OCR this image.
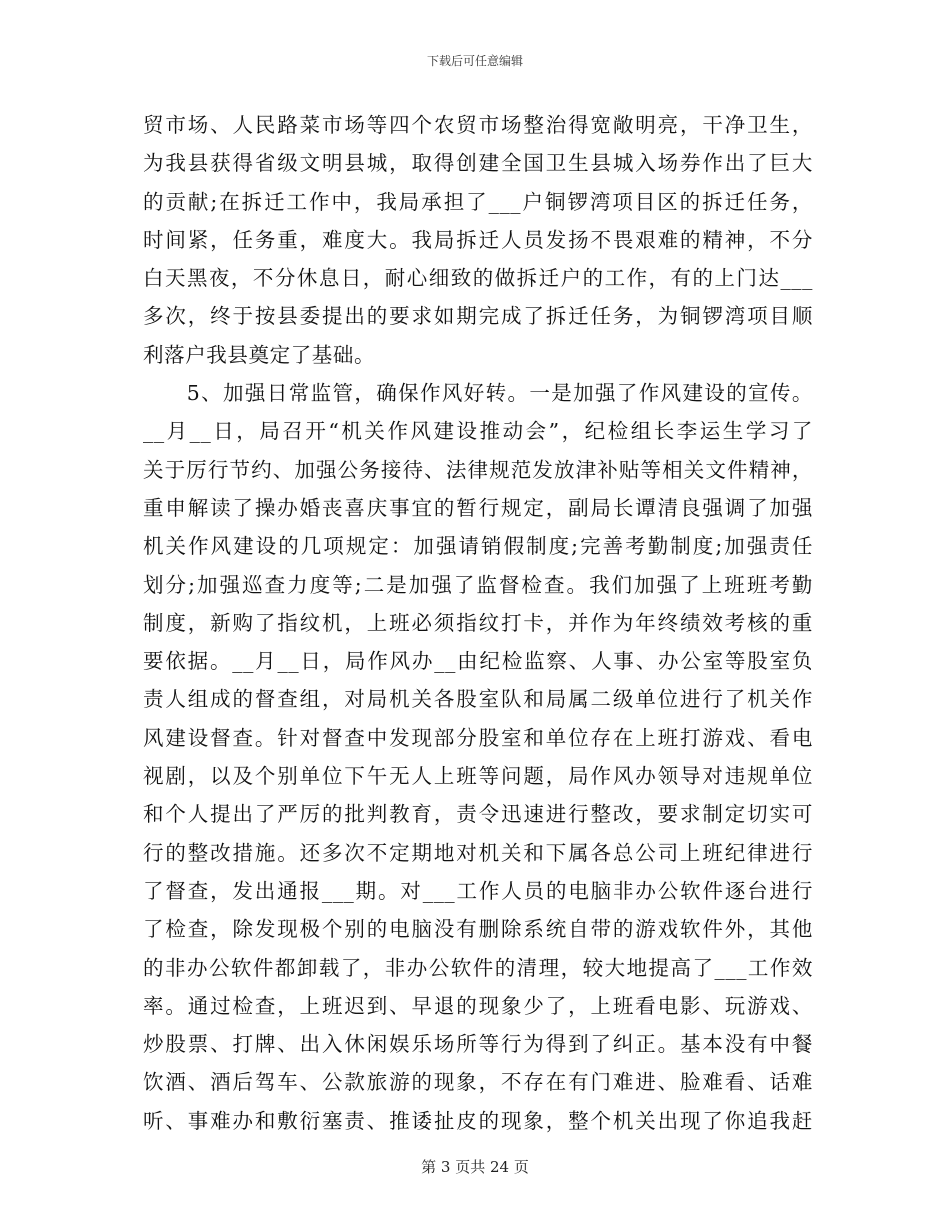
下载后可任意编辑
贸市场、人民路菜市场等四个农贸市场整治得宽敞明亮，干净卫生，
为我县获得省级文明县城，取得创建全国卫生县城入场券作出了巨大
的贡献;在拆迁工作中，我局承担了___户铜锣湾项目区的拆迁任务，
时间紧，任务重，难度大。我局拆迁人员发扬不畏艰难的精神，不分
白天黑夜，不分休息日，耐心细致的做拆迁户的工作，有的上门达___
多次，终于按县委提出的要求如期完成了拆迁任务，为铜锣湾项目顺
利落户我县奠定了基础。
　　5、加强日常监管，确保作风好转。一是加强了作风建设的宣传。
__月__日，局召开“机关作风建设推动会”，纪检组长李运生学习了
关于厉行节约、加强公务接待、法律规范发放津补贴等相关文件精神，
重申解读了操办婚丧喜庆事宜的暂行规定，副局长谭清良强调了加强
机关作风建设的几项规定：加强请销假制度;完善考勤制度;加强责任
划分;加强巡查力度等;二是加强了监督检查。我们加强了上班班考勤
制度，新购了指纹机，上班必须指纹打卡，并作为年终绩效考核的重
要依据。__月__日，局作风办__由纪检监察、人事、办公室等股室负
责人组成的督查组，对局机关各股室队和局属二级单位进行了机关作
风建设督查。针对督查中发现部分股室和单位存在上班打游戏、看电
视剧，以及个别单位下午无人上班等问题，局作风办领导对违规单位
和个人提出了严厉的批判教育，责令迅速进行整改，要求制定切实可
行的整改措施。还多次不定期地对机关和下属各总公司上班纪律进行
了督查，发出通报___期。对___工作人员的电脑非办公软件逐台进行
了检查，除发现极个别的电脑没有删除系统自带的游戏软件外，其他
的非办公软件都卸载了，非办公软件的清理，较大地提高了___工作效
率。通过检查，上班迟到、早退的现象少了，上班看电影、玩游戏、
炒股票、打牌、出入休闲娱乐场所等行为得到了纠正。基本没有中餐
饮酒、酒后驾车、公款旅游的现象，不存在有门难进、脸难看、话难
听、事难办和敷衍塞责、推诿扯皮的现象，整个机关出现了你追我赶
第 3 页共 24 页
